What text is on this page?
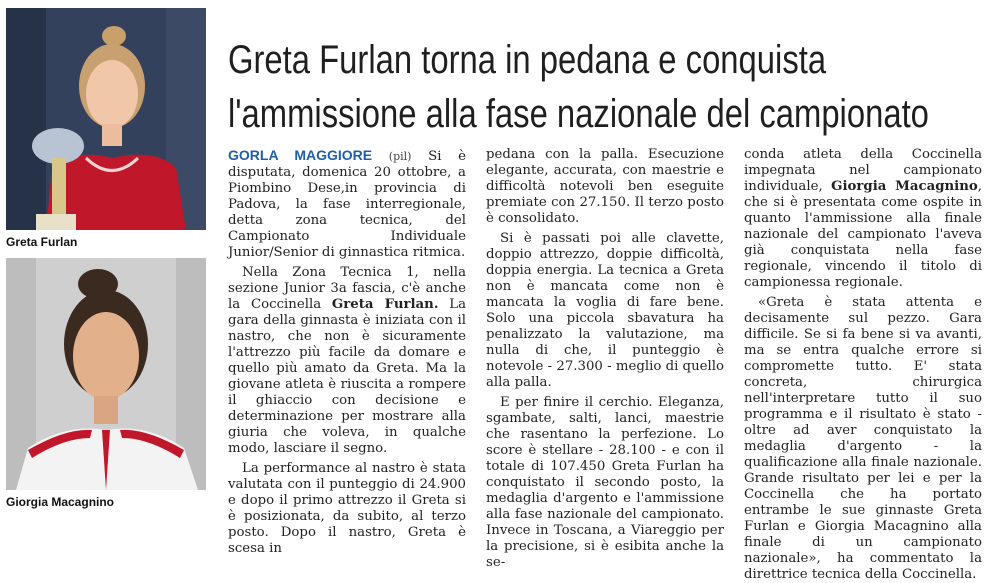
Greta Furlan
Giorgia Macagnino
Greta Furlan torna in pedana e conquista
l'ammissione alla fase nazionale del campionato

GORLA MAGGIORE (pil) Si è disputata, domenica 20 ottobre, a Piombino Dese,in provincia di Padova, la fase interregionale, detta zona tecnica, del Campionato Individuale Junior/Senior di ginnastica ritmica.

Nella Zona Tecnica 1, nella sezione Junior 3a fascia, c'è anche la Coccinella Greta Furlan. La gara della ginnasta è iniziata con il nastro, che non è sicuramente l'attrezzo più facile da domare e quello più amato da Greta. Ma la giovane atleta è riuscita a rompere il ghiaccio con decisione e determinazione per mostrare alla giuria che voleva, in qualche modo, lasciare il segno.

La performance al nastro è stata valutata con il punteggio di 24.900 e dopo il primo attrezzo il Greta si è posizionata, da subito, al terzo posto. Dopo il nastro, Greta è scesa in

pedana con la palla. Esecuzione elegante, accurata, con maestrie e difficoltà notevoli ben eseguite premiate con 27.150. Il terzo posto è consolidato.

Si è passati poi alle clavette, doppio attrezzo, doppie difficoltà, doppia energia. La tecnica a Greta non è mancata come non è mancata la voglia di fare bene. Solo una piccola sbavatura ha penalizzato la valutazione, ma nulla di che, il punteggio è notevole - 27.300 - meglio di quello alla palla.

E per finire il cerchio. Eleganza, sgambate, salti, lanci, maestrie che rasentano la perfezione. Lo score è stellare - 28.100 - e con il totale di 107.450 Greta Furlan ha conquistato il secondo posto, la medaglia d'argento e l'ammissione alla fase nazionale del campionato. Invece in Toscana, a Viareggio per la precisione, si è esibita anche la se-

conda atleta della Coccinella impegnata nel campionato individuale, Giorgia Macagnino, che si è presentata come ospite in quanto l'ammissione alla finale nazionale del campionato l'aveva già conquistata nella fase regionale, vincendo il titolo di campionessa regionale.

«Greta è stata attenta e decisamente sul pezzo. Gara difficile. Se si fa bene si va avanti, ma se entra qualche errore si compromette tutto. E' stata concreta, chirurgica nell'interpretare tutto il suo programma e il risultato è stato - oltre ad aver conquistato la medaglia d'argento - la qualificazione alla finale nazionale. Grande risultato per lei e per la Coccinella che ha portato entrambe le sue ginnaste Greta Furlan e Giorgia Macagnino alla finale di un campionato nazionale», ha commentato la direttrice tecnica della Coccinella.
